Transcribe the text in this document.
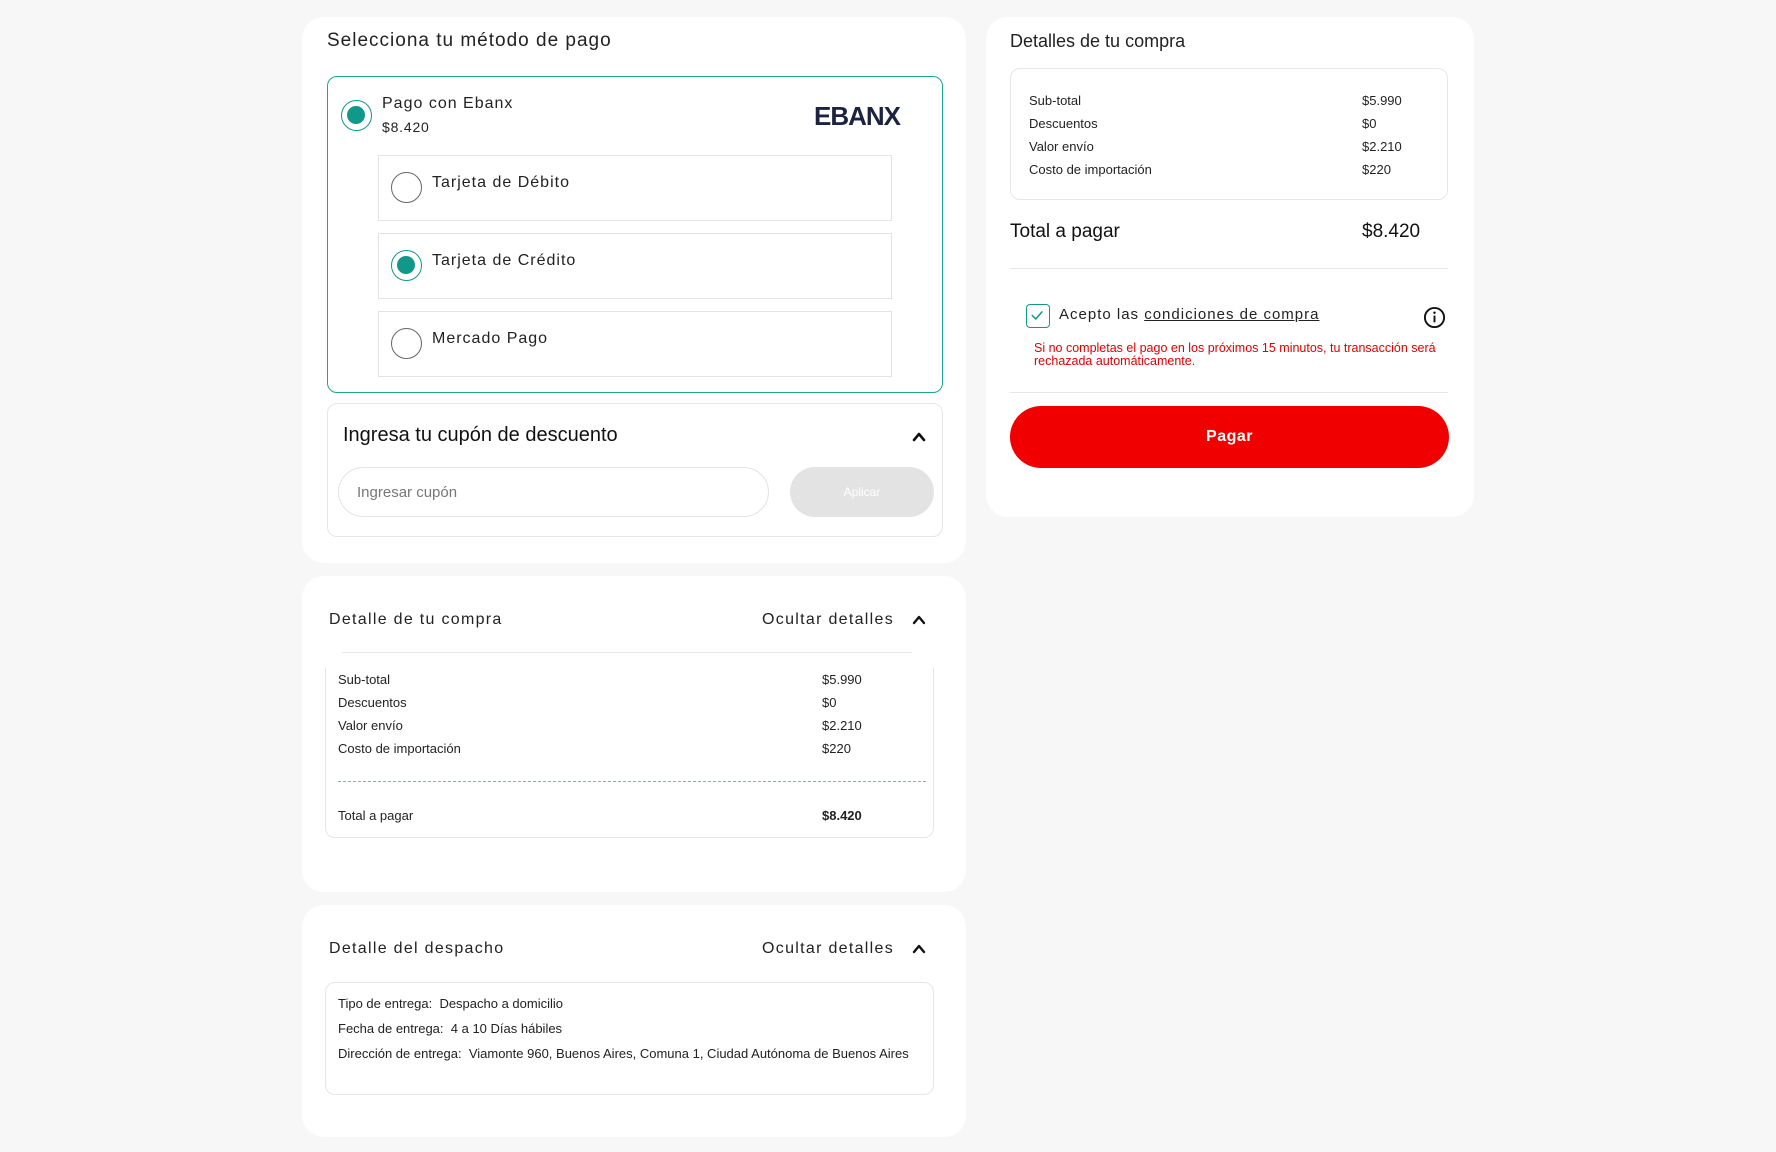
Selecciona tu método de pago
Pago con Ebanx
$8.420	EBANX
Tarjeta de Débito
Tarjeta de Crédito
Mercado Pago
Ingresa tu cupón de descuento
Ingresar cupón
Aplicar
Detalle de tu compra	Ocultar detalles
Sub-total	$5.990
Descuentos	$0
Valor envío	$2.210
Costo de importación	$220
Total a pagar	$8.420
Detalle del despacho	Ocultar detalles
Tipo de entrega: Despacho a domicilio
Fecha de entrega: 4 a 10 Días hábiles
Dirección de entrega: Viamonte 960, Buenos Aires, Comuna 1, Ciudad Autónoma de Buenos Aires
Detalles de tu compra
Sub-total	$5.990
Descuentos	$0
Valor envío	$2.210
Costo de importación	$220
Total a pagar	$8.420
Acepto las condiciones de compra
Si no completas el pago en los próximos 15 minutos, tu transacción será rechazada automáticamente.
Pagar
